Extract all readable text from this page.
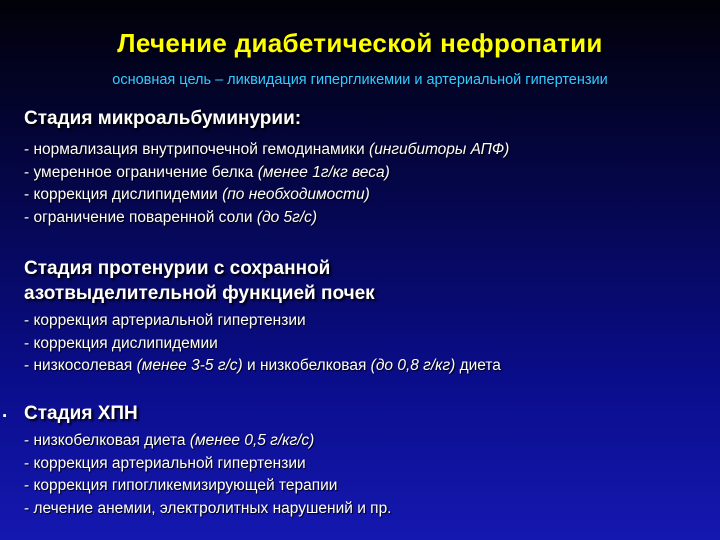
Лечение диабетической нефропатии
основная цель – ликвидация гипергликемии и артериальной гипертензии
Стадия микроальбуминурии:
- нормализация внутрипочечной гемодинамики (ингибиторы АПФ)
- умеренное ограничение белка (менее 1г/кг веса)
- коррекция дислипидемии (по необходимости)
- ограничение поваренной соли (до 5г/с)
Стадия протенурии с сохранной
азотвыделительной функцией почек
- коррекция артериальной гипертензии
- коррекция дислипидемии
- низкосолевая (менее 3-5 г/с) и низкобелковая (до 0,8 г/кг) диета
. Стадия ХПН
- низкобелковая диета (менее 0,5 г/кг/с)
- коррекция артериальной гипертензии
- коррекция гипогликемизирующей терапии
- лечение анемии, электролитных нарушений и пр.
